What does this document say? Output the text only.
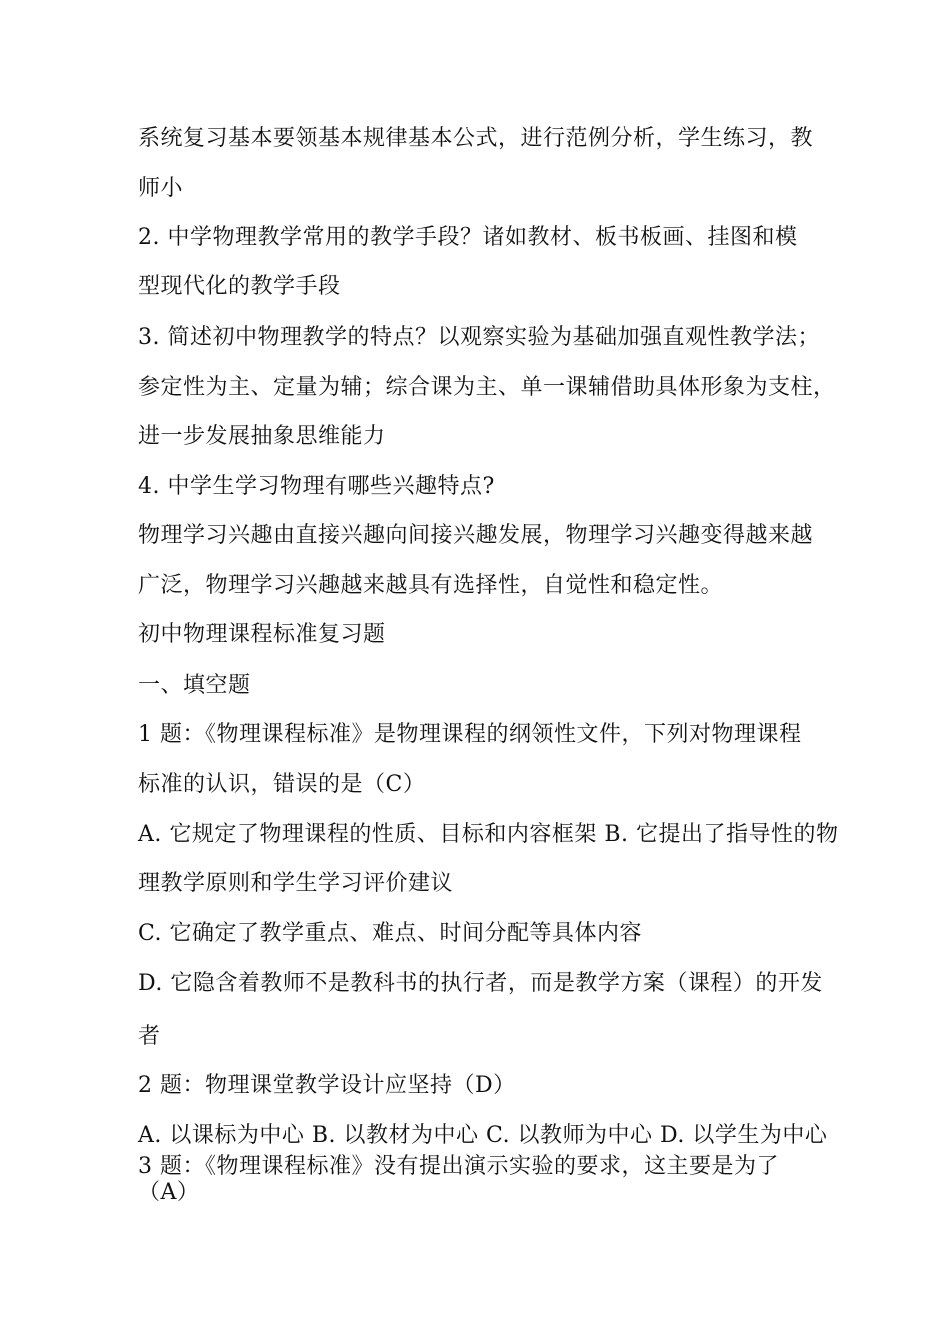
系统复习基本要领基本规律基本公式，进行范例分析，学生练习，教
师小
2. 中学物理教学常用的教学手段？诸如教材、板书板画、挂图和模
型现代化的教学手段
3. 简述初中物理教学的特点？以观察实验为基础加强直观性教学法；
参定性为主、定量为辅；综合课为主、单一课辅借助具体形象为支柱，
进一步发展抽象思维能力
4. 中学生学习物理有哪些兴趣特点?
物理学习兴趣由直接兴趣向间接兴趣发展，物理学习兴趣变得越来越
广泛，物理学习兴趣越来越具有选择性，自觉性和稳定性。
初中物理课程标准复习题
一、填空题
1 题：《物理课程标准》是物理课程的纲领性文件，下列对物理课程
标准的认识，错误的是（C）
A. 它规定了物理课程的性质、目标和内容框架 B. 它提出了指导性的物
理教学原则和学生学习评价建议
C. 它确定了教学重点、难点、时间分配等具体内容
D. 它隐含着教师不是教科书的执行者，而是教学方案（课程）的开发
者
2 题：物理课堂教学设计应坚持（D）
A. 以课标为中心 B. 以教材为中心 C. 以教师为中心 D. 以学生为中心
3 题：《物理课程标准》没有提出演示实验的要求，这主要是为了
（A）
